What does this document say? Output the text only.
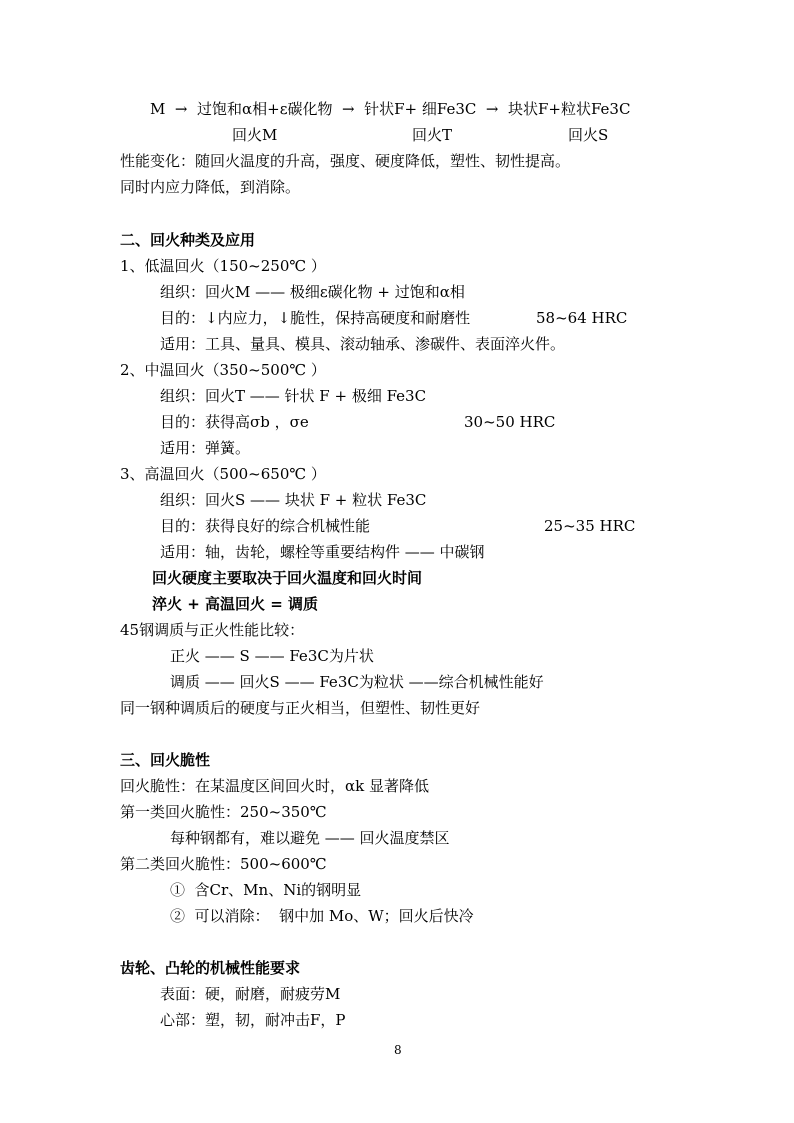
M  →  过饱和α相+ε碳化物  →  针状F+ 细Fe3C  →  块状F+粒状Fe3C
回火M	回火T	回火S
性能变化：随回火温度的升高，强度、硬度降低，塑性、韧性提高。
同时内应力降低，到消除。
二、回火种类及应用
1、低温回火（150~250℃ ）
组织：回火M —— 极细ε碳化物 + 过饱和α相
目的：↓内应力，↓脆性，保持高硬度和耐磨性	58~64 HRC
适用：工具、量具、模具、滚动轴承、渗碳件、表面淬火件。
2、中温回火（350~500℃ ）
组织：回火T —— 针状 F + 极细 Fe3C
目的：获得高σb ，σe	30~50 HRC
适用：弹簧。
3、高温回火（500~650℃ ）
组织：回火S —— 块状 F + 粒状 Fe3C
目的：获得良好的综合机械性能	25~35 HRC
适用：轴，齿轮，螺栓等重要结构件 —— 中碳钢
回火硬度主要取决于回火温度和回火时间
淬火 + 高温回火 = 调质
45钢调质与正火性能比较：
正火 —— S —— Fe3C为片状
调质 —— 回火S —— Fe3C为粒状 ——综合机械性能好
同一钢种调质后的硬度与正火相当，但塑性、韧性更好
三、回火脆性
回火脆性：在某温度区间回火时，αk 显著降低
第一类回火脆性：250~350℃
每种钢都有，难以避免 —— 回火温度禁区
第二类回火脆性：500~600℃
①  含Cr、Mn、Ni的钢明显
②  可以消除：  钢中加 Mo、W；回火后快冷
齿轮、凸轮的机械性能要求
表面：硬，耐磨，耐疲劳M
心部：塑，韧，耐冲击F，P
8
